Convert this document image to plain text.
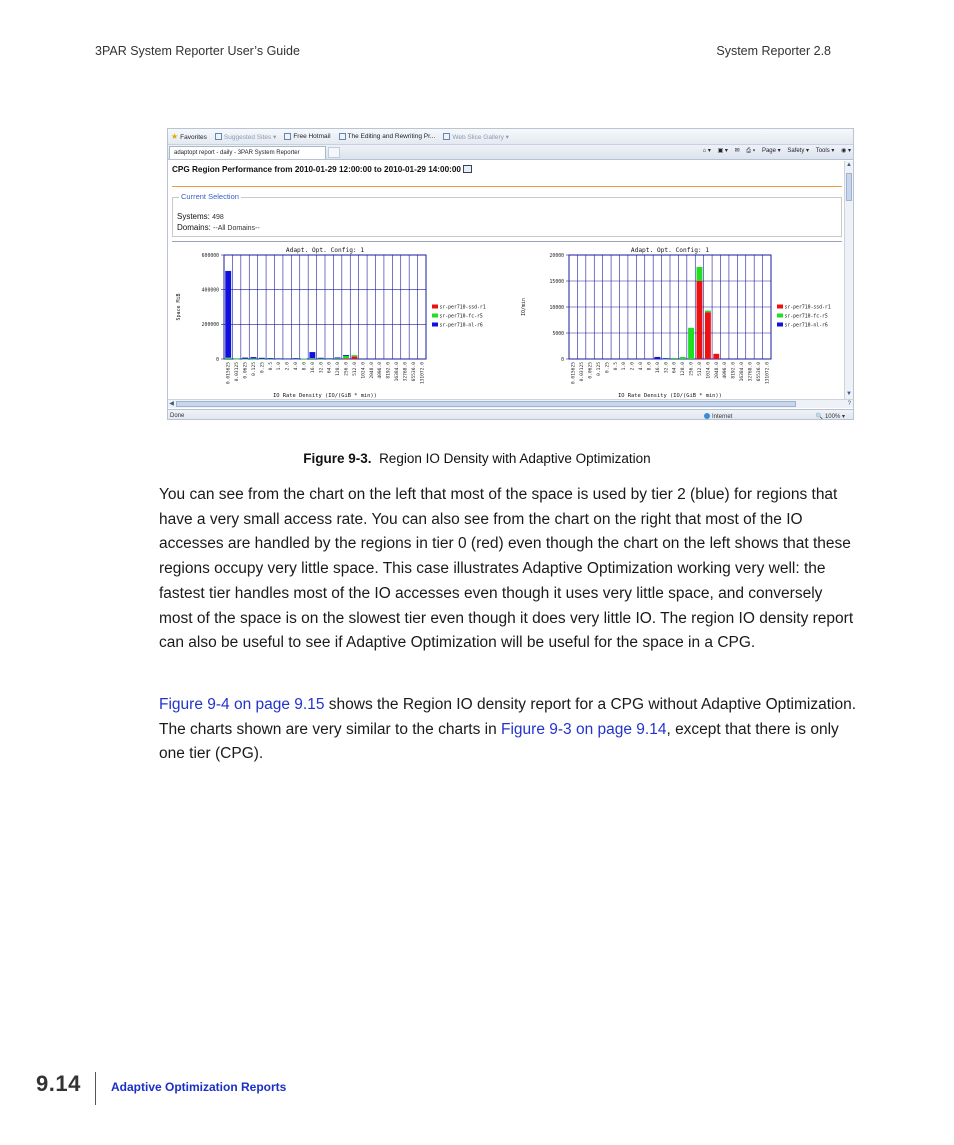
3PAR System Reporter User’s Guide	System Reporter 2.8
★ Favorites	Suggested Sites ▾	Free Hotmail	The Editing and Rewriting Pr...	Web Slice Gallery ▾
adaptopt report - daily - 3PAR System Reporter	⌂ ▾ ▣ ▾ ✉ ⎙ ▾ Page ▾ Safety ▾ Tools ▾ ◉ ▾
CPG Region Performance from 2010-01-29 12:00:00 to 2010-01-29 14:00:00
Current Selection
Systems: 498
Domains: --All Domains--
0
200000
400000
600000
0.015625 0.03125 0.0625 0.125 0.25 0.5 1.0 2.0 4.0 8.0 16.0 32.0 64.0 128.0 256.0 512.0 1024.0 2048.0 4096.0 8192.0 16384.0 32768.0 65536.0 131072.0
Adapt. Opt. Config: 1
IO Rate Density (IO/(GiB * min))
Space MiB	sr-per710-ssd-r1
sr-per710-fc-r5
sr-per710-nl-r6
0
5000
10000
15000
20000
0.015625 0.03125 0.0625 0.125 0.25 0.5 1.0 2.0 4.0 8.0 16.0 32.0 64.0 128.0 256.0 512.0 1024.0 2048.0 4096.0 8192.0 16384.0 32768.0 65536.0 131072.0
Adapt. Opt. Config: 1
IO Rate Density (IO/(GiB * min))
IO/min	sr-per710-ssd-r1
sr-per710-fc-r5
sr-per710-nl-r6
▲
▼
◀	?
Done	Internet	🔍 100% ▾
Figure 9-3. Region IO Density with Adaptive Optimization

You can see from the chart on the left that most of the space is used by tier 2 (blue) for regions that have a very small access rate. You can also see from the chart on the right that most of the IO accesses are handled by the regions in tier 0 (red) even though the chart on the left shows that these regions occupy very little space. This case illustrates Adaptive Optimization working very well: the fastest tier handles most of the IO accesses even though it uses very little space, and conversely most of the space is on the slowest tier even though it does very little IO. The region IO density report can also be useful to see if Adaptive Optimization will be useful for the space in a CPG.

Figure 9-4 on page 9.15 shows the Region IO density report for a CPG without Adaptive Optimization. The charts shown are very similar to the charts in Figure 9-3 on page 9.14, except that there is only one tier (CPG).

9.14	Adaptive Optimization Reports
